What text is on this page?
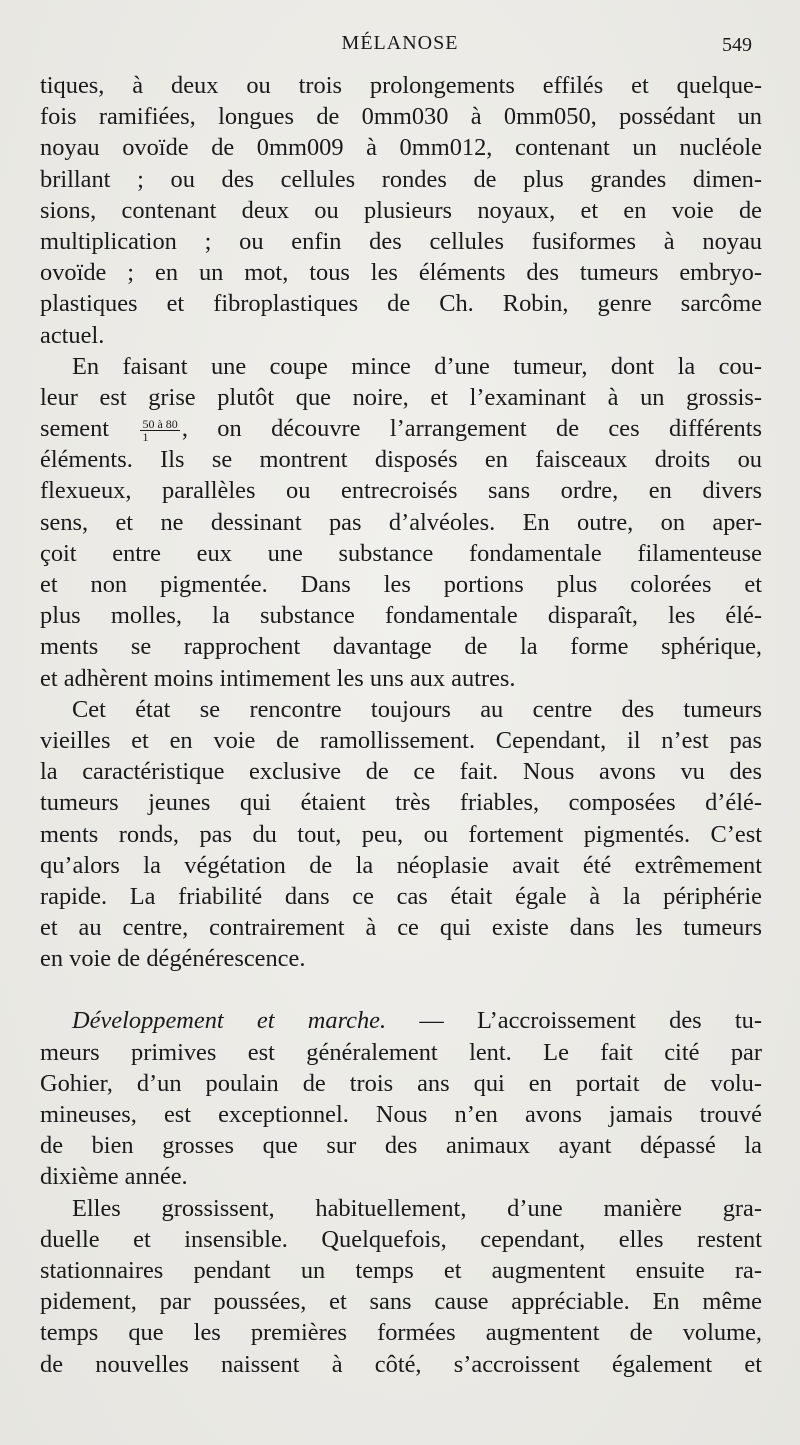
MÉLANOSE	549
tiques, à deux ou trois prolongements effilés et quelque-
fois ramifiées, longues de 0mm030 à 0mm050, possédant un
noyau ovoïde de 0mm009 à 0mm012, contenant un nucléole
brillant ; ou des cellules rondes de plus grandes dimen-
sions, contenant deux ou plusieurs noyaux, et en voie de
multiplication ; ou enfin des cellules fusiformes à noyau
ovoïde ; en un mot, tous les éléments des tumeurs embryo-
plastiques et fibroplastiques de Ch. Robin, genre sarcôme
actuel.
En faisant une coupe mince d’une tumeur, dont la cou-
leur est grise plutôt que noire, et l’examinant à un grossis-
sement	$\frac{50 à 80}{1}$ , on découvre l’arrangement de ces différents
éléments. Ils se montrent disposés en faisceaux droits ou
flexueux, parallèles ou entrecroisés sans ordre, en divers
sens, et ne dessinant pas d’alvéoles. En outre, on aper-
çoit entre eux une substance fondamentale filamenteuse
et non pigmentée. Dans les portions plus colorées et
plus molles, la substance fondamentale disparaît, les élé-
ments se rapprochent davantage de la forme sphérique,
et adhèrent moins intimement les uns aux autres.
Cet état se rencontre toujours au centre des tumeurs
vieilles et en voie de ramollissement. Cependant, il n’est pas
la caractéristique exclusive de ce fait. Nous avons vu des
tumeurs jeunes qui étaient très friables, composées d’élé-
ments ronds, pas du tout, peu, ou fortement pigmentés. C’est
qu’alors la végétation de la néoplasie avait été extrêmement
rapide. La friabilité dans ce cas était égale à la périphérie
et au centre, contrairement à ce qui existe dans les tumeurs
en voie de dégénérescence.
Développement et marche. — L’accroissement des tu-
meurs primives est généralement lent. Le fait cité par
Gohier, d’un poulain de trois ans qui en portait de volu-
mineuses, est exceptionnel. Nous n’en avons jamais trouvé
de bien grosses que sur des animaux ayant dépassé la
dixième année.
Elles grossissent, habituellement, d’une manière gra-
duelle et insensible. Quelquefois, cependant, elles restent
stationnaires pendant un temps et augmentent ensuite ra-
pidement, par poussées, et sans cause appréciable. En même
temps que les premières formées augmentent de volume,
de nouvelles naissent à côté, s’accroissent également et
